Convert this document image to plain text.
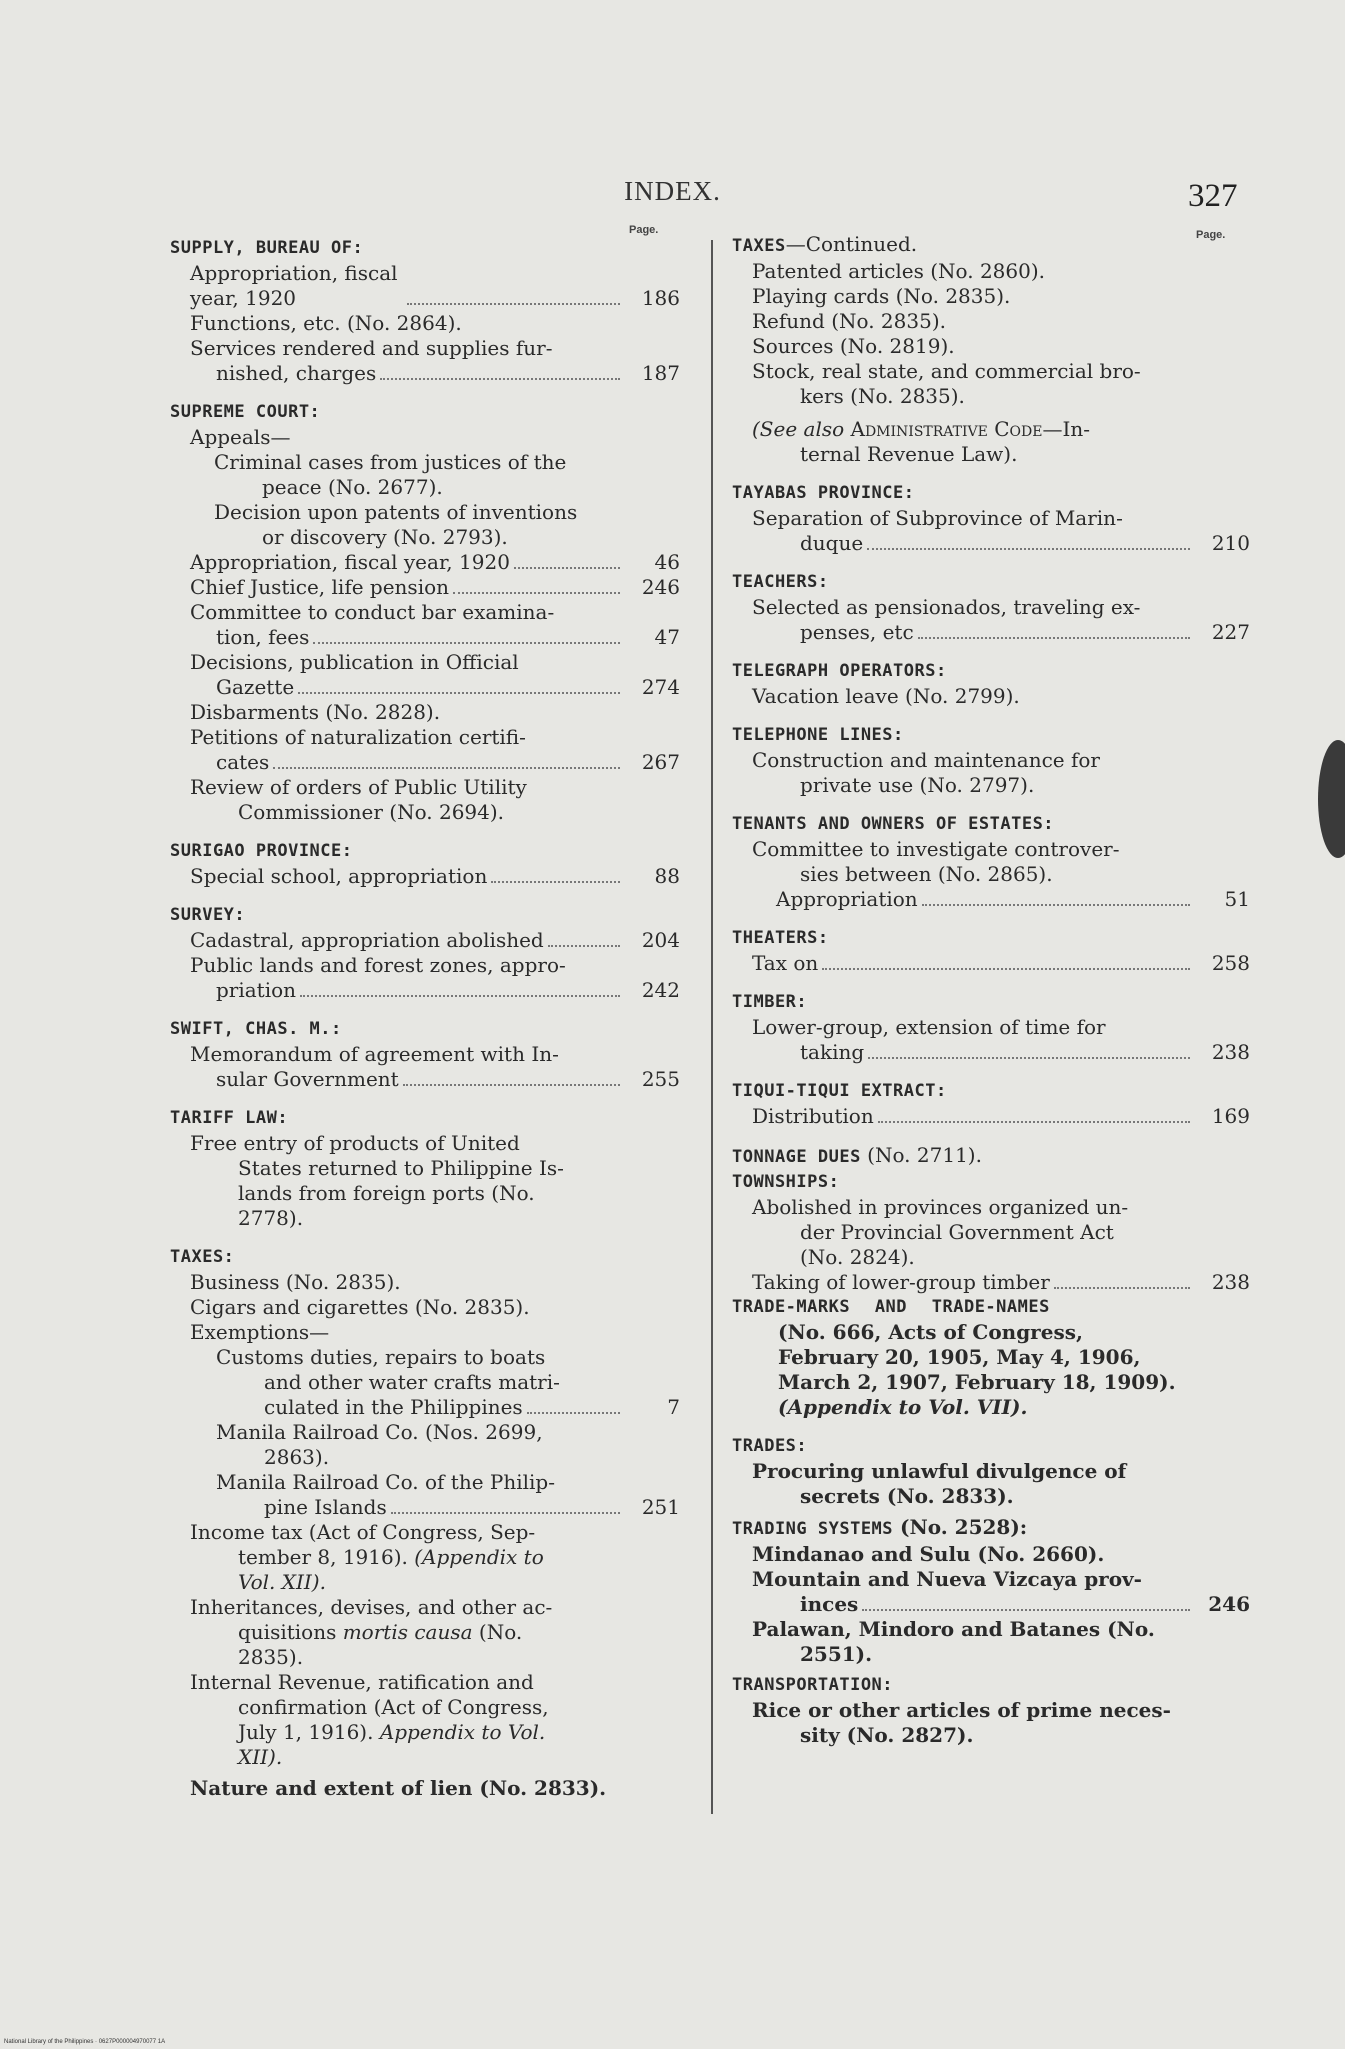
INDEX.	327
Page.	Page.
SUPPLY, BUREAU OF:
Appropriation, fiscal year, 1920	186
Functions, etc. (No. 2864).
Services rendered and supplies fur-
nished, charges	187
SUPREME COURT:
Appeals—
Criminal cases from justices of the
peace (No. 2677).
Decision upon patents of inventions
or discovery (No. 2793).
Appropriation, fiscal year, 1920	46
Chief Justice, life pension	246
Committee to conduct bar examina-
tion, fees	47
Decisions, publication in Official
Gazette	274
Disbarments (No. 2828).
Petitions of naturalization certifi-
cates	267
Review of orders of Public Utility
Commissioner (No. 2694).
SURIGAO PROVINCE:
Special school, appropriation	88
SURVEY:
Cadastral, appropriation abolished	204
Public lands and forest zones, appro-
priation	242
SWIFT, CHAS. M.:
Memorandum of agreement with In-
sular Government	255
TARIFF LAW:
Free entry of products of United
States returned to Philippine Is-
lands from foreign ports (No.
2778).
TAXES:
Business (No. 2835).
Cigars and cigarettes (No. 2835).
Exemptions—
Customs duties, repairs to boats
and other water crafts matri-
culated in the Philippines	7
Manila Railroad Co. (Nos. 2699,
2863).
Manila Railroad Co. of the Philip-
pine Islands	251
Income tax (Act of Congress, Sep-
tember 8, 1916). (Appendix to
Vol. XII).
Inheritances, devises, and other ac-
quisitions mortis causa (No.
2835).
Internal Revenue, ratification and
confirmation (Act of Congress,
July 1, 1916). Appendix to Vol.
XII).
Nature and extent of lien (No. 2833).
TAXES—Continued.
Patented articles (No. 2860).
Playing cards (No. 2835).
Refund (No. 2835).
Sources (No. 2819).
Stock, real state, and commercial bro-
kers (No. 2835).
(See also Administrative Code—In-
ternal Revenue Law).
TAYABAS PROVINCE:
Separation of Subprovince of Marin-
duque	210
TEACHERS:
Selected as pensionados, traveling ex-
penses, etc	227
TELEGRAPH OPERATORS:
Vacation leave (No. 2799).
TELEPHONE LINES:
Construction and maintenance for
private use (No. 2797).
TENANTS AND OWNERS OF ESTATES:
Committee to investigate controver-
sies between (No. 2865).
Appropriation	51
THEATERS:
Tax on	258
TIMBER:
Lower-group, extension of time for
taking	238
TIQUI-TIQUI EXTRACT:
Distribution	169
TONNAGE DUES (No. 2711).
TOWNSHIPS:
Abolished in provinces organized un-
der Provincial Government Act
(No. 2824).
Taking of lower-group timber	238
TRADE-MARKS AND TRADE-NAMES
(No. 666, Acts of Congress,
February 20, 1905, May 4, 1906,
March 2, 1907, February 18, 1909).
(Appendix to Vol. VII).
TRADES:
Procuring unlawful divulgence of
secrets (No. 2833).
TRADING SYSTEMS (No. 2528):
Mindanao and Sulu (No. 2660).
Mountain and Nueva Vizcaya prov-
inces	246
Palawan, Mindoro and Batanes (No.
2551).
TRANSPORTATION:
Rice or other articles of prime neces-
sity (No. 2827).
National Library of the Philippines · 0627P000004970077 1A
